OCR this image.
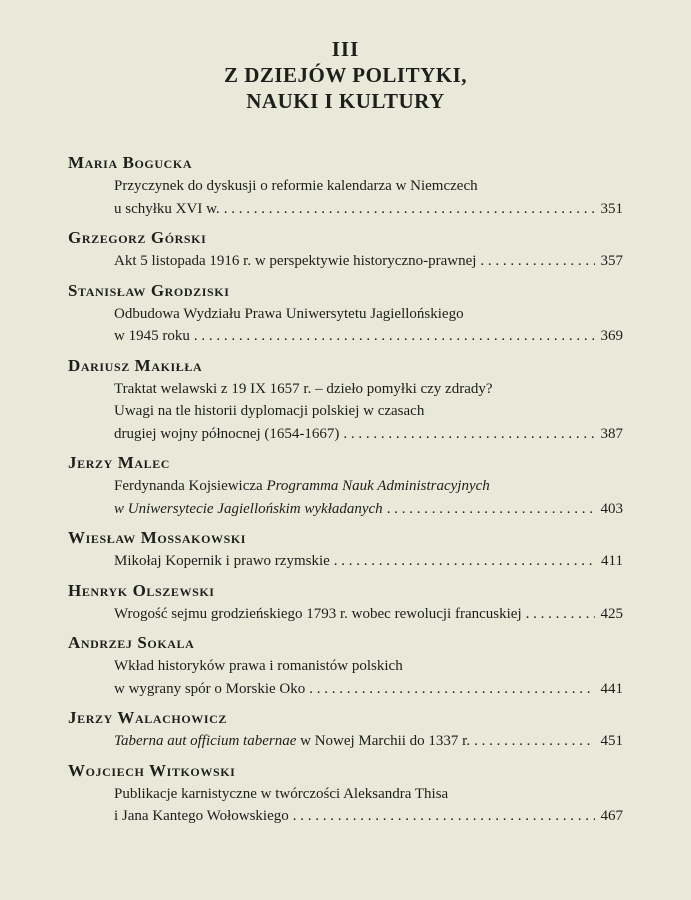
III
Z DZIEJÓW POLITYKI,
NAUKI I KULTURY
Maria Bogucka
Przyczynek do dyskusji o reformie kalendarza w Niemczech
u schyłku XVI w. . . .	351
Grzegorz Górski
Akt 5 listopada 1916 r. w perspektywie historyczno-prawnej . . .	357
Stanisław Grodziski
Odbudowa Wydziału Prawa Uniwersytetu Jagiellońskiego
w 1945 roku . . .	369
Dariusz Makiłła
Traktat welawski z 19 IX 1657 r. – dzieło pomyłki czy zdrady?
Uwagi na tle historii dyplomacji polskiej w czasach
drugiej wojny północnej (1654-1667) . . .	387
Jerzy Malec
Ferdynanda Kojsiewicza Programma Nauk Administracyjnych
w Uniwersytecie Jagiellońskim wykładanych . . .	403
Wiesław Mossakowski
Mikołaj Kopernik i prawo rzymskie . . .	411
Henryk Olszewski
Wrogość sejmu grodzieńskiego 1793 r. wobec rewolucji francuskiej . . .	425
Andrzej Sokala
Wkład historyków prawa i romanistów polskich
w wygrany spór o Morskie Oko . . .	441
Jerzy Walachowicz
Taberna aut officium tabernae w Nowej Marchii do 1337 r. . . .	451
Wojciech Witkowski
Publikacje karnistyczne w twórczości Aleksandra Thisa
i Jana Kantego Wołowskiego . . .	467
